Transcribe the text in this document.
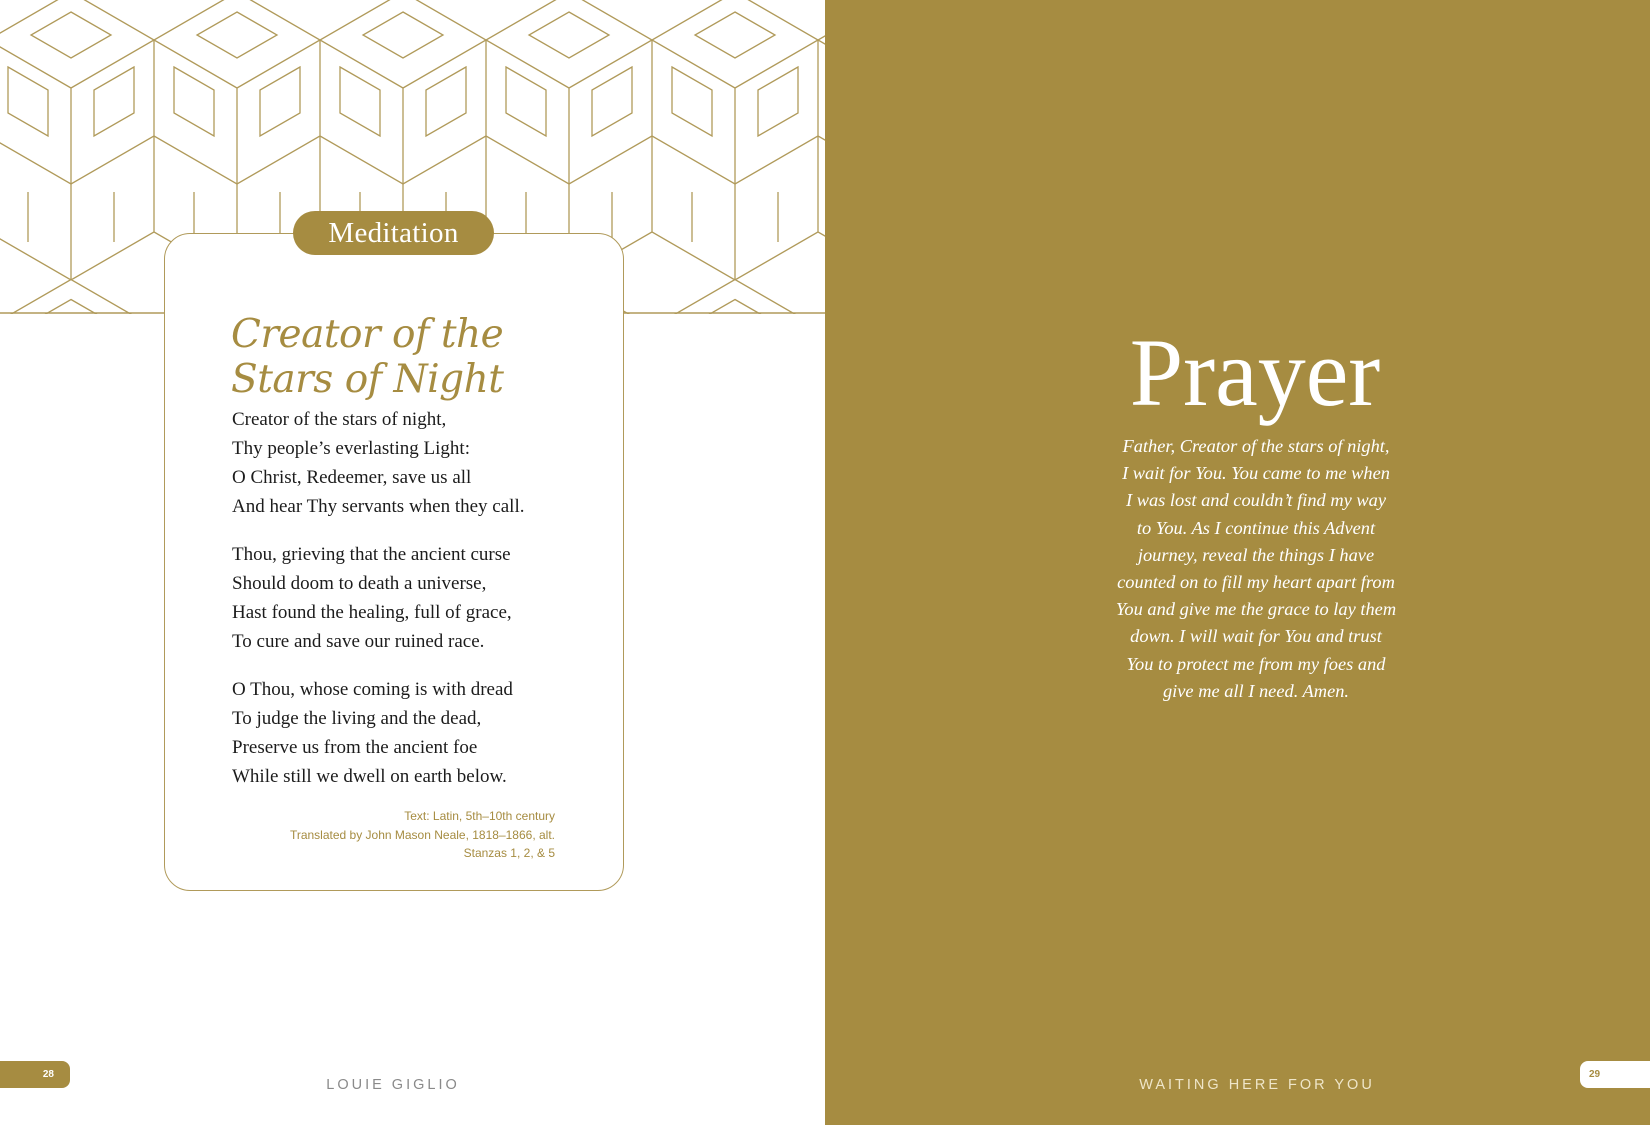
Meditation
Creator of the
Stars of Night
Creator of the stars of night,
Thy people’s everlasting Light:
O Christ, Redeemer, save us all
And hear Thy servants when they call.
Thou, grieving that the ancient curse
Should doom to death a universe,
Hast found the healing, full of grace,
To cure and save our ruined race.
O Thou, whose coming is with dread
To judge the living and the dead,
Preserve us from the ancient foe
While still we dwell on earth below.
Text: Latin, 5th–10th century
Translated by John Mason Neale, 1818–1866, alt.
Stanzas 1, 2, & 5
28
LOUIE GIGLIO
Prayer
Father, Creator of the stars of night,
I wait for You. You came to me when
I was lost and couldn’t find my way
to You. As I continue this Advent
journey, reveal the things I have
counted on to fill my heart apart from
You and give me the grace to lay them
down. I will wait for You and trust
You to protect me from my foes and
give me all I need. Amen.
WAITING HERE FOR YOU
29
